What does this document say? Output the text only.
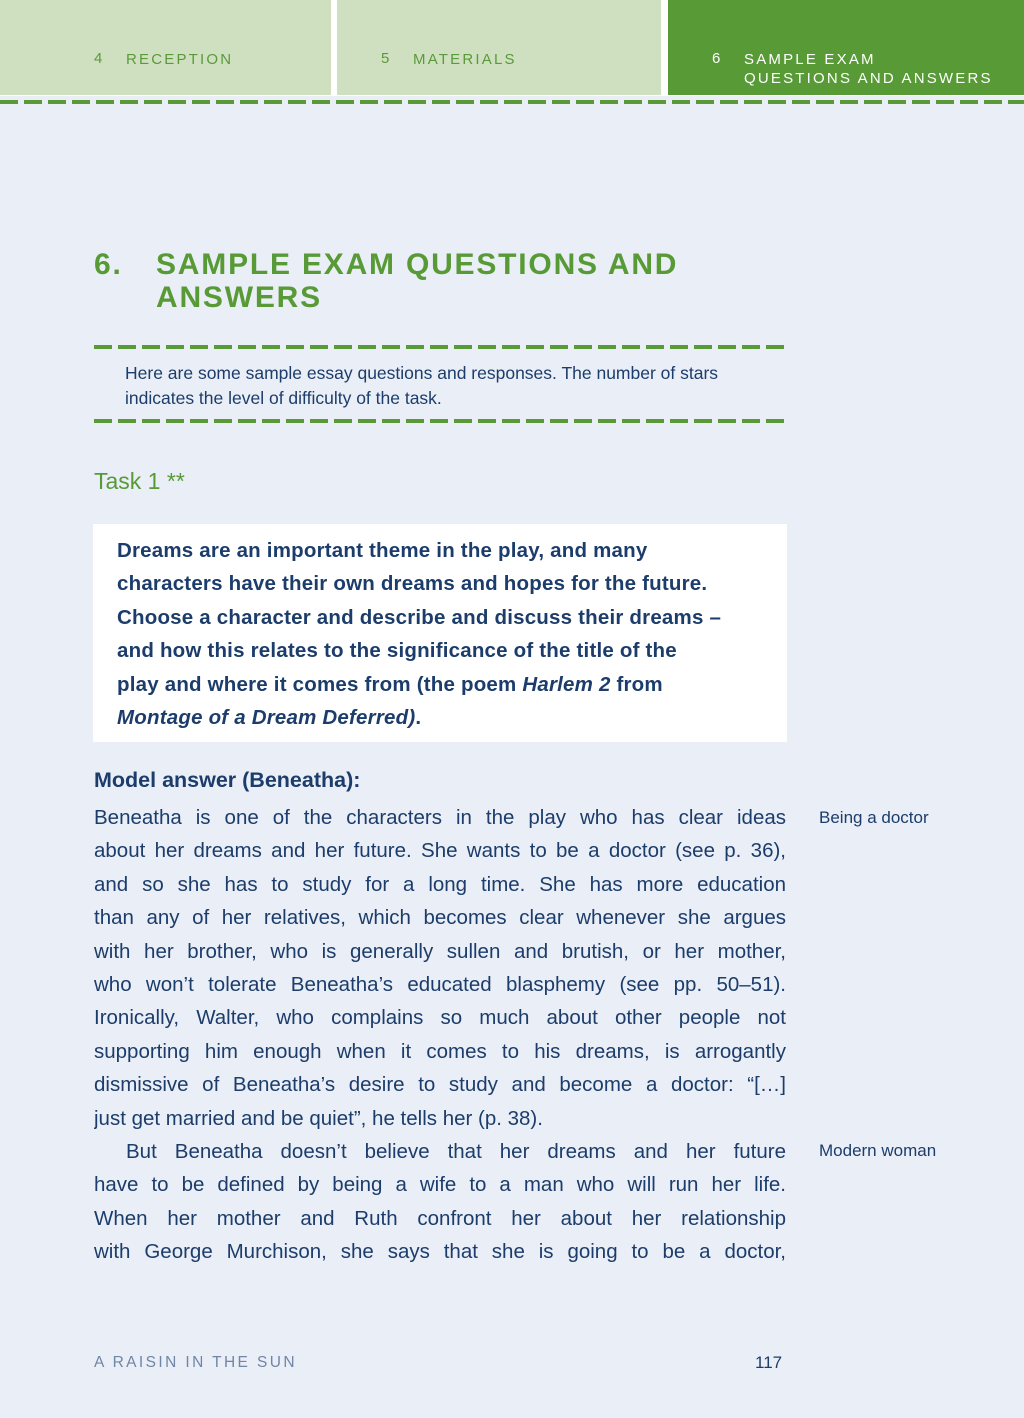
4 RECEPTION	5 MATERIALS	6 SAMPLE EXAM
QUESTIONS AND ANSWERS
6. SAMPLE EXAM QUESTIONS AND
ANSWERS
Here are some sample essay questions and responses. The number of stars indicates the level of difficulty of the task.
Task 1 **
Dreams are an important theme in the play, and many
characters have their own dreams and hopes for the future.
Choose a character and describe and discuss their dreams –
and how this relates to the significance of the title of the
play and where it comes from (the poem Harlem 2 from
Montage of a Dream Deferred).
Model answer (Beneatha):
Beneatha is one of the characters in the play who has clear ideas
about her dreams and her future. She wants to be a doctor (see p. 36),
and so she has to study for a long time. She has more education
than any of her relatives, which becomes clear whenever she argues
with her brother, who is generally sullen and brutish, or her mother,
who won’t tolerate Beneatha’s educated blasphemy (see pp. 50–51).
Ironically, Walter, who complains so much about other people not
supporting him enough when it comes to his dreams, is arrogantly
dismissive of Beneatha’s desire to study and become a doctor: “[…]
just get married and be quiet”, he tells her (p. 38).
But Beneatha doesn’t believe that her dreams and her future
have to be defined by being a wife to a man who will run her life.
When her mother and Ruth confront her about her relationship
with George Murchison, she says that she is going to be a doctor,
Being a doctor
Modern woman
A RAISIN IN THE SUN	117
